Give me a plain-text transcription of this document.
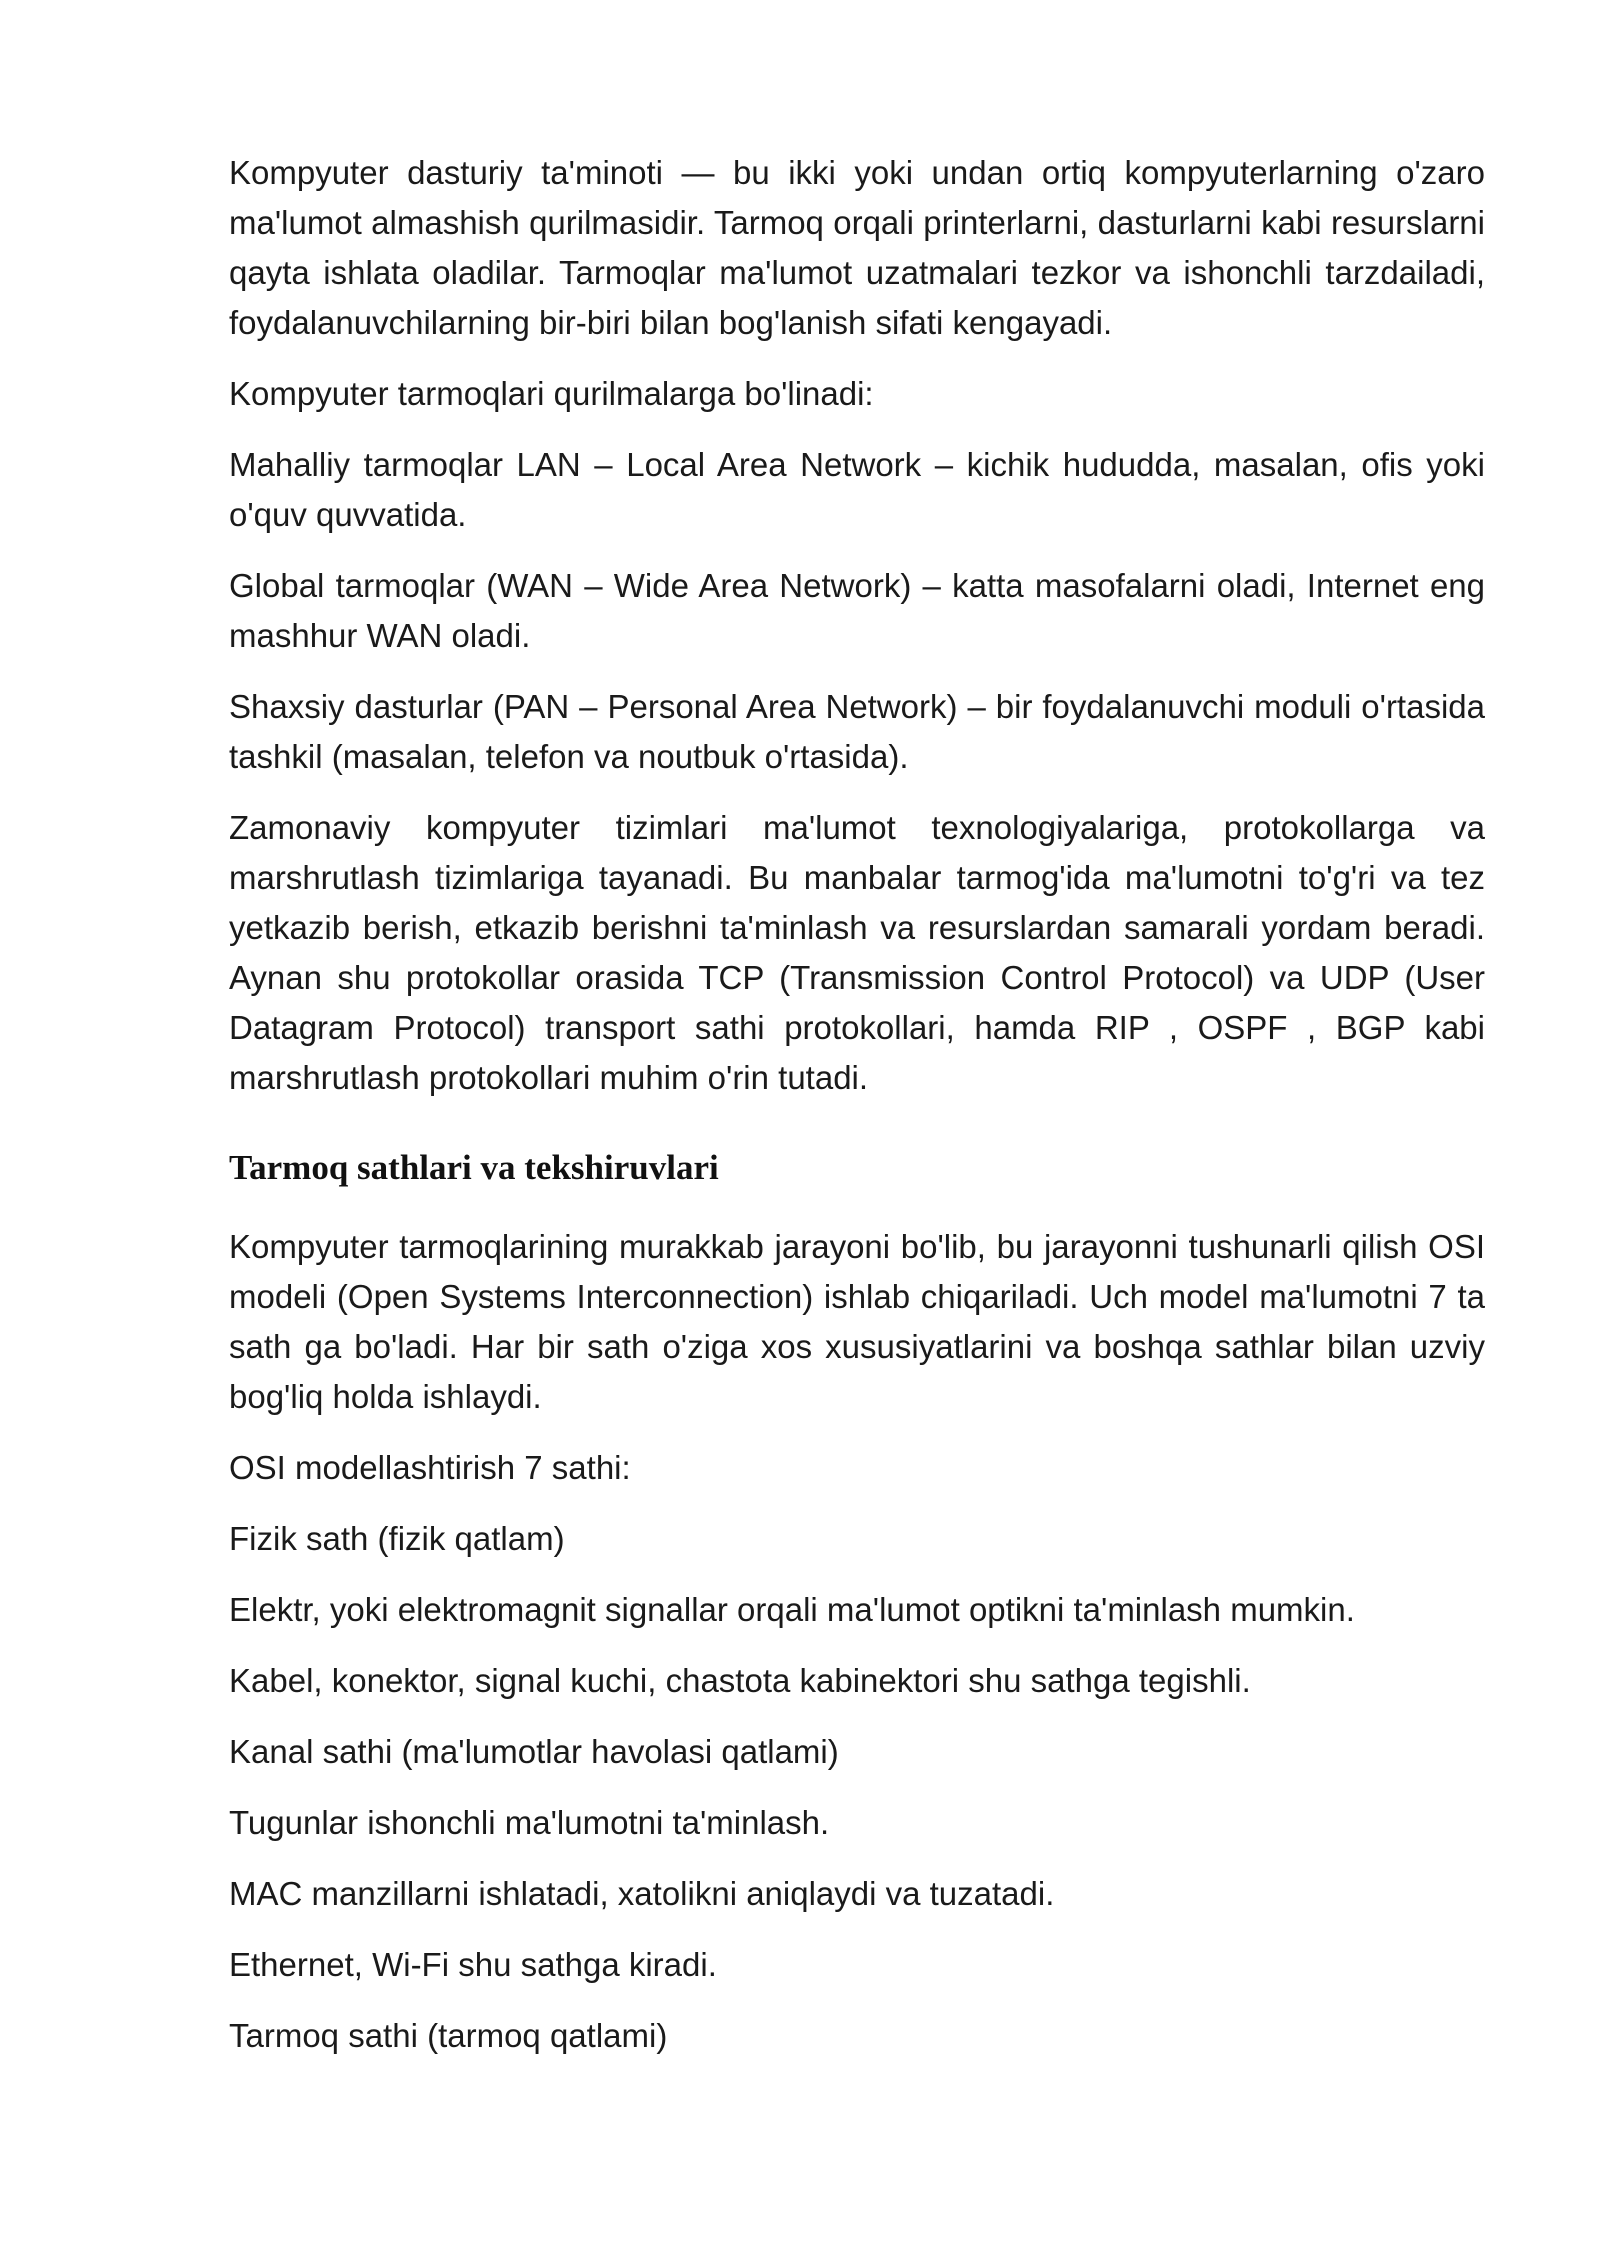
Kompyuter dasturiy ta'minoti — bu ikki yoki undan ortiq kompyuterlarning o'zaro ma'lumot almashish qurilmasidir. Tarmoq orqali printerlarni, dasturlarni kabi resurslarni qayta ishlata oladilar. Tarmoqlar ma'lumot uzatmalari tezkor va ishonchli tarzdailadi, foydalanuvchilarning bir-biri bilan bog'lanish sifati kengayadi.

Kompyuter tarmoqlari qurilmalarga bo'linadi:

Mahalliy tarmoqlar LAN – Local Area Network – kichik hududda, masalan, ofis yoki o'quv quvvatida.

Global tarmoqlar (WAN – Wide Area Network) – katta masofalarni oladi, Internet eng mashhur WAN oladi.

Shaxsiy dasturlar (PAN – Personal Area Network) – bir foydalanuvchi moduli o'rtasida tashkil (masalan, telefon va noutbuk o'rtasida).

Zamonaviy kompyuter tizimlari ma'lumot texnologiyalariga, protokollarga va marshrutlash tizimlariga tayanadi. Bu manbalar tarmog'ida ma'lumotni to'g'ri va tez yetkazib berish, etkazib berishni ta'minlash va resurslardan samarali yordam beradi. Aynan shu protokollar orasida TCP (Transmission Control Protocol) va UDP (User Datagram Protocol) transport sathi protokollari, hamda RIP , OSPF , BGP kabi marshrutlash protokollari muhim o'rin tutadi.

Tarmoq sathlari va tekshiruvlari

Kompyuter tarmoqlarining murakkab jarayoni bo'lib, bu jarayonni tushunarli qilish OSI modeli (Open Systems Interconnection) ishlab chiqariladi. Uch model ma'lumotni 7 ta sath ga bo'ladi. Har bir sath o'ziga xos xususiyatlarini va boshqa sathlar bilan uzviy bog'liq holda ishlaydi.

OSI modellashtirish 7 sathi:

Fizik sath (fizik qatlam)

Elektr, yoki elektromagnit signallar orqali ma'lumot optikni ta'minlash mumkin.

Kabel, konektor, signal kuchi, chastota kabinektori shu sathga tegishli.

Kanal sathi (ma'lumotlar havolasi qatlami)

Tugunlar ishonchli ma'lumotni ta'minlash.

MAC manzillarni ishlatadi, xatolikni aniqlaydi va tuzatadi.

Ethernet, Wi-Fi shu sathga kiradi.

Tarmoq sathi (tarmoq qatlami)
